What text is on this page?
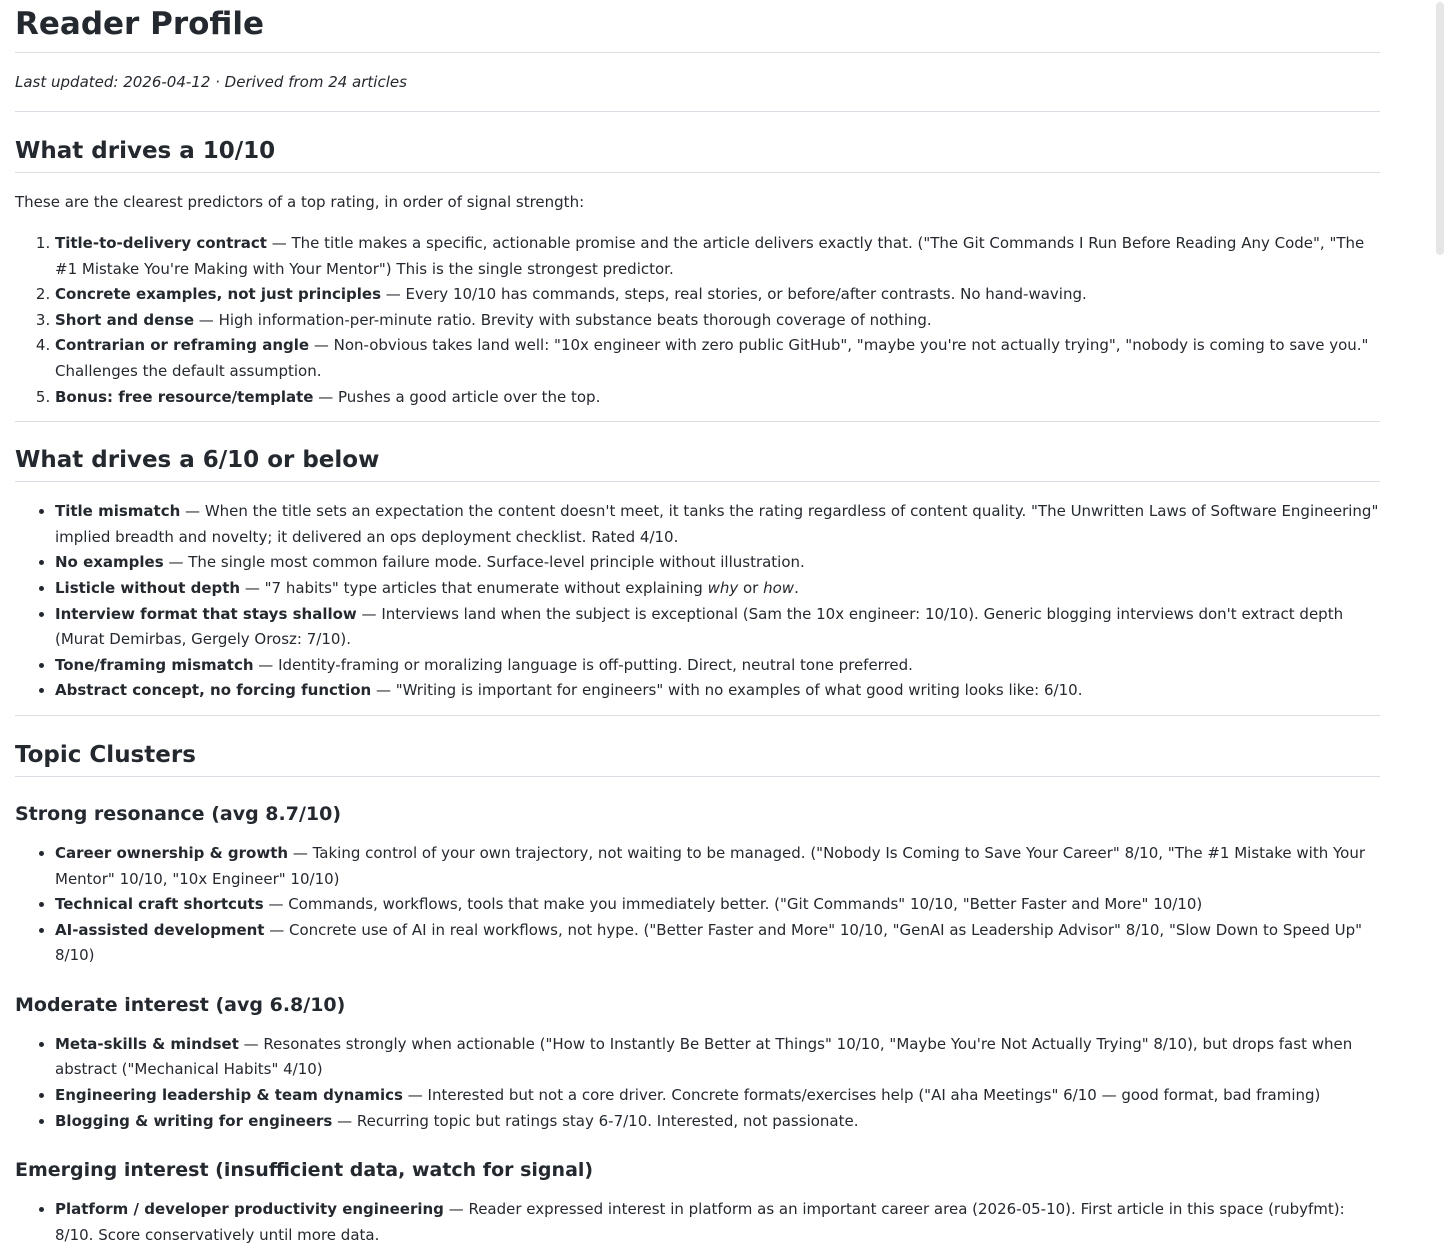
Reader Profile

Last updated: 2026-04-12 · Derived from 24 articles

What drives a 10/10

These are the clearest predictors of a top rating, in order of signal strength:

1. Title-to-delivery contract — The title makes a specific, actionable promise and the article delivers exactly that. ("The Git Commands I Run Before Reading Any Code", "The #1 Mistake You're Making with Your Mentor") This is the single strongest predictor.
2. Concrete examples, not just principles — Every 10/10 has commands, steps, real stories, or before/after contrasts. No hand-waving.
3. Short and dense — High information-per-minute ratio. Brevity with substance beats thorough coverage of nothing.
4. Contrarian or reframing angle — Non-obvious takes land well: "10x engineer with zero public GitHub", "maybe you're not actually trying", "nobody is coming to save you." Challenges the default assumption.
5. Bonus: free resource/template — Pushes a good article over the top.
What drives a 6/10 or below
• Title mismatch — When the title sets an expectation the content doesn't meet, it tanks the rating regardless of content quality. "The Unwritten Laws of Software Engineering" implied breadth and novelty; it delivered an ops deployment checklist. Rated 4/10.
• No examples — The single most common failure mode. Surface-level principle without illustration.
• Listicle without depth — "7 habits" type articles that enumerate without explaining why or how.
• Interview format that stays shallow — Interviews land when the subject is exceptional (Sam the 10x engineer: 10/10). Generic blogging interviews don't extract depth (Murat Demirbas, Gergely Orosz: 7/10).
• Tone/framing mismatch — Identity-framing or moralizing language is off-putting. Direct, neutral tone preferred.
• Abstract concept, no forcing function — "Writing is important for engineers" with no examples of what good writing looks like: 6/10.
Topic Clusters
Strong resonance (avg 8.7/10)
• Career ownership & growth — Taking control of your own trajectory, not waiting to be managed. ("Nobody Is Coming to Save Your Career" 8/10, "The #1 Mistake with Your Mentor" 10/10, "10x Engineer" 10/10)
• Technical craft shortcuts — Commands, workflows, tools that make you immediately better. ("Git Commands" 10/10, "Better Faster and More" 10/10)
• AI-assisted development — Concrete use of AI in real workflows, not hype. ("Better Faster and More" 10/10, "GenAI as Leadership Advisor" 8/10, "Slow Down to Speed Up" 8/10)
Moderate interest (avg 6.8/10)
• Meta-skills & mindset — Resonates strongly when actionable ("How to Instantly Be Better at Things" 10/10, "Maybe You're Not Actually Trying" 8/10), but drops fast when abstract ("Mechanical Habits" 4/10)
• Engineering leadership & team dynamics — Interested but not a core driver. Concrete formats/exercises help ("AI aha Meetings" 6/10 — good format, bad framing)
• Blogging & writing for engineers — Recurring topic but ratings stay 6-7/10. Interested, not passionate.
Emerging interest (insufficient data, watch for signal)
• Platform / developer productivity engineering — Reader expressed interest in platform as an important career area (2026-05-10). First article in this space (rubyfmt): 8/10. Score conservatively until more data.
